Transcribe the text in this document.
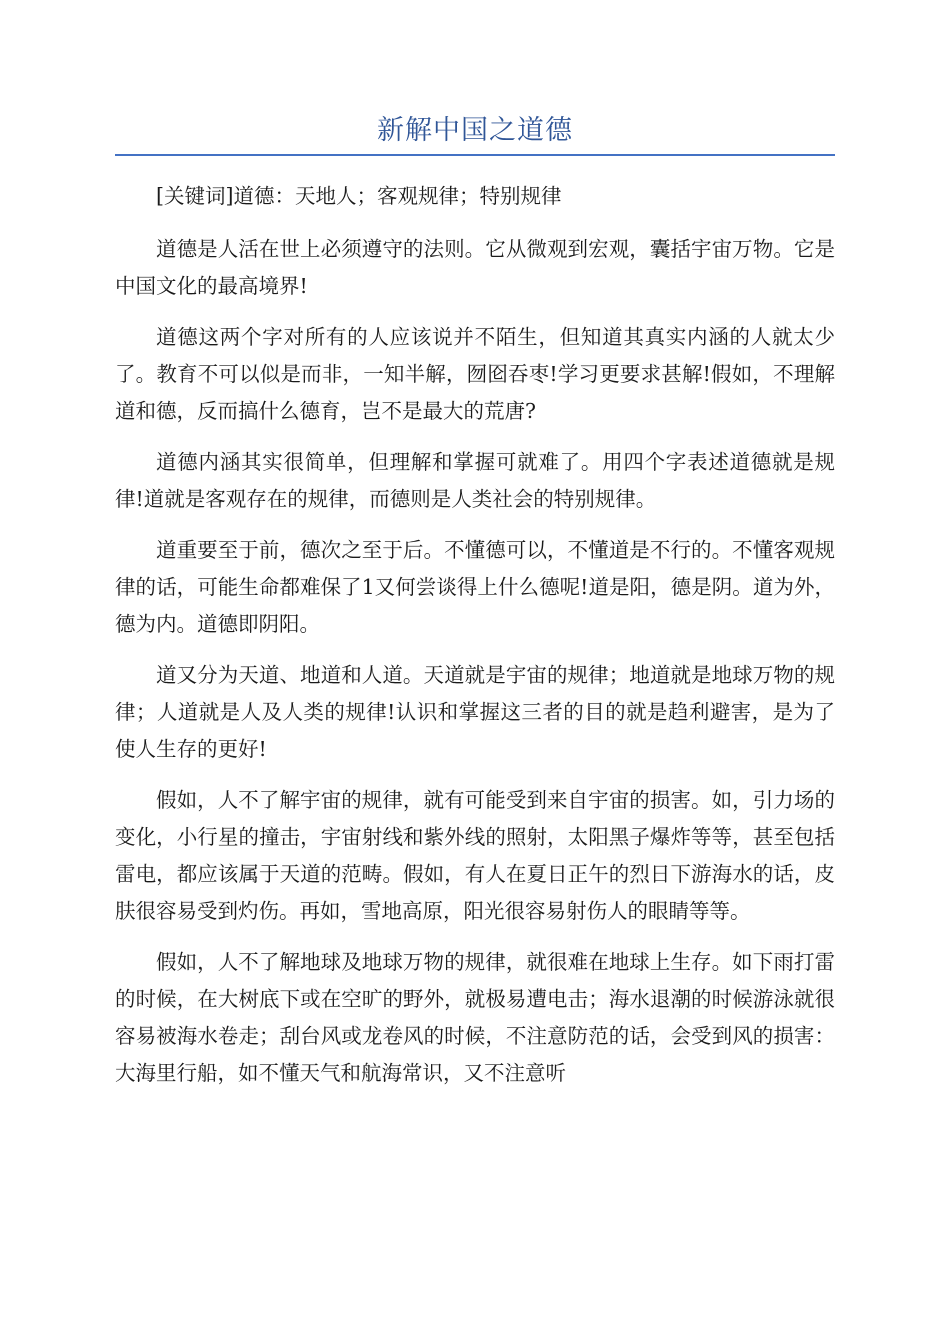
新解中国之道德

[关键词]道德：天地人；客观规律；特别规律

道德是人活在世上必须遵守的法则。它从微观到宏观，囊括宇宙万物。它是中国文化的最高境界!

道德这两个字对所有的人应该说并不陌生，但知道其真实内涵的人就太少了。教育不可以似是而非，一知半解，囫囵吞枣!学习更要求甚解!假如，不理解道和德，反而搞什么德育，岂不是最大的荒唐?

道德内涵其实很简单，但理解和掌握可就难了。用四个字表述道德就是规律!道就是客观存在的规律，而德则是人类社会的特别规律。

道重要至于前，德次之至于后。不懂德可以，不懂道是不行的。不懂客观规律的话，可能生命都难保了1又何尝谈得上什么德呢!道是阳，德是阴。道为外，德为内。道德即阴阳。

道又分为天道、地道和人道。天道就是宇宙的规律；地道就是地球万物的规律；人道就是人及人类的规律!认识和掌握这三者的目的就是趋利避害，是为了使人生存的更好!

假如，人不了解宇宙的规律，就有可能受到来自宇宙的损害。如，引力场的变化，小行星的撞击，宇宙射线和紫外线的照射，太阳黑子爆炸等等，甚至包括雷电，都应该属于天道的范畴。假如，有人在夏日正午的烈日下游海水的话，皮肤很容易受到灼伤。再如，雪地高原，阳光很容易射伤人的眼睛等等。

假如，人不了解地球及地球万物的规律，就很难在地球上生存。如下雨打雷的时候，在大树底下或在空旷的野外，就极易遭电击；海水退潮的时候游泳就很容易被海水卷走；刮台风或龙卷风的时候，不注意防范的话，会受到风的损害：大海里行船，如不懂天气和航海常识，又不注意听
